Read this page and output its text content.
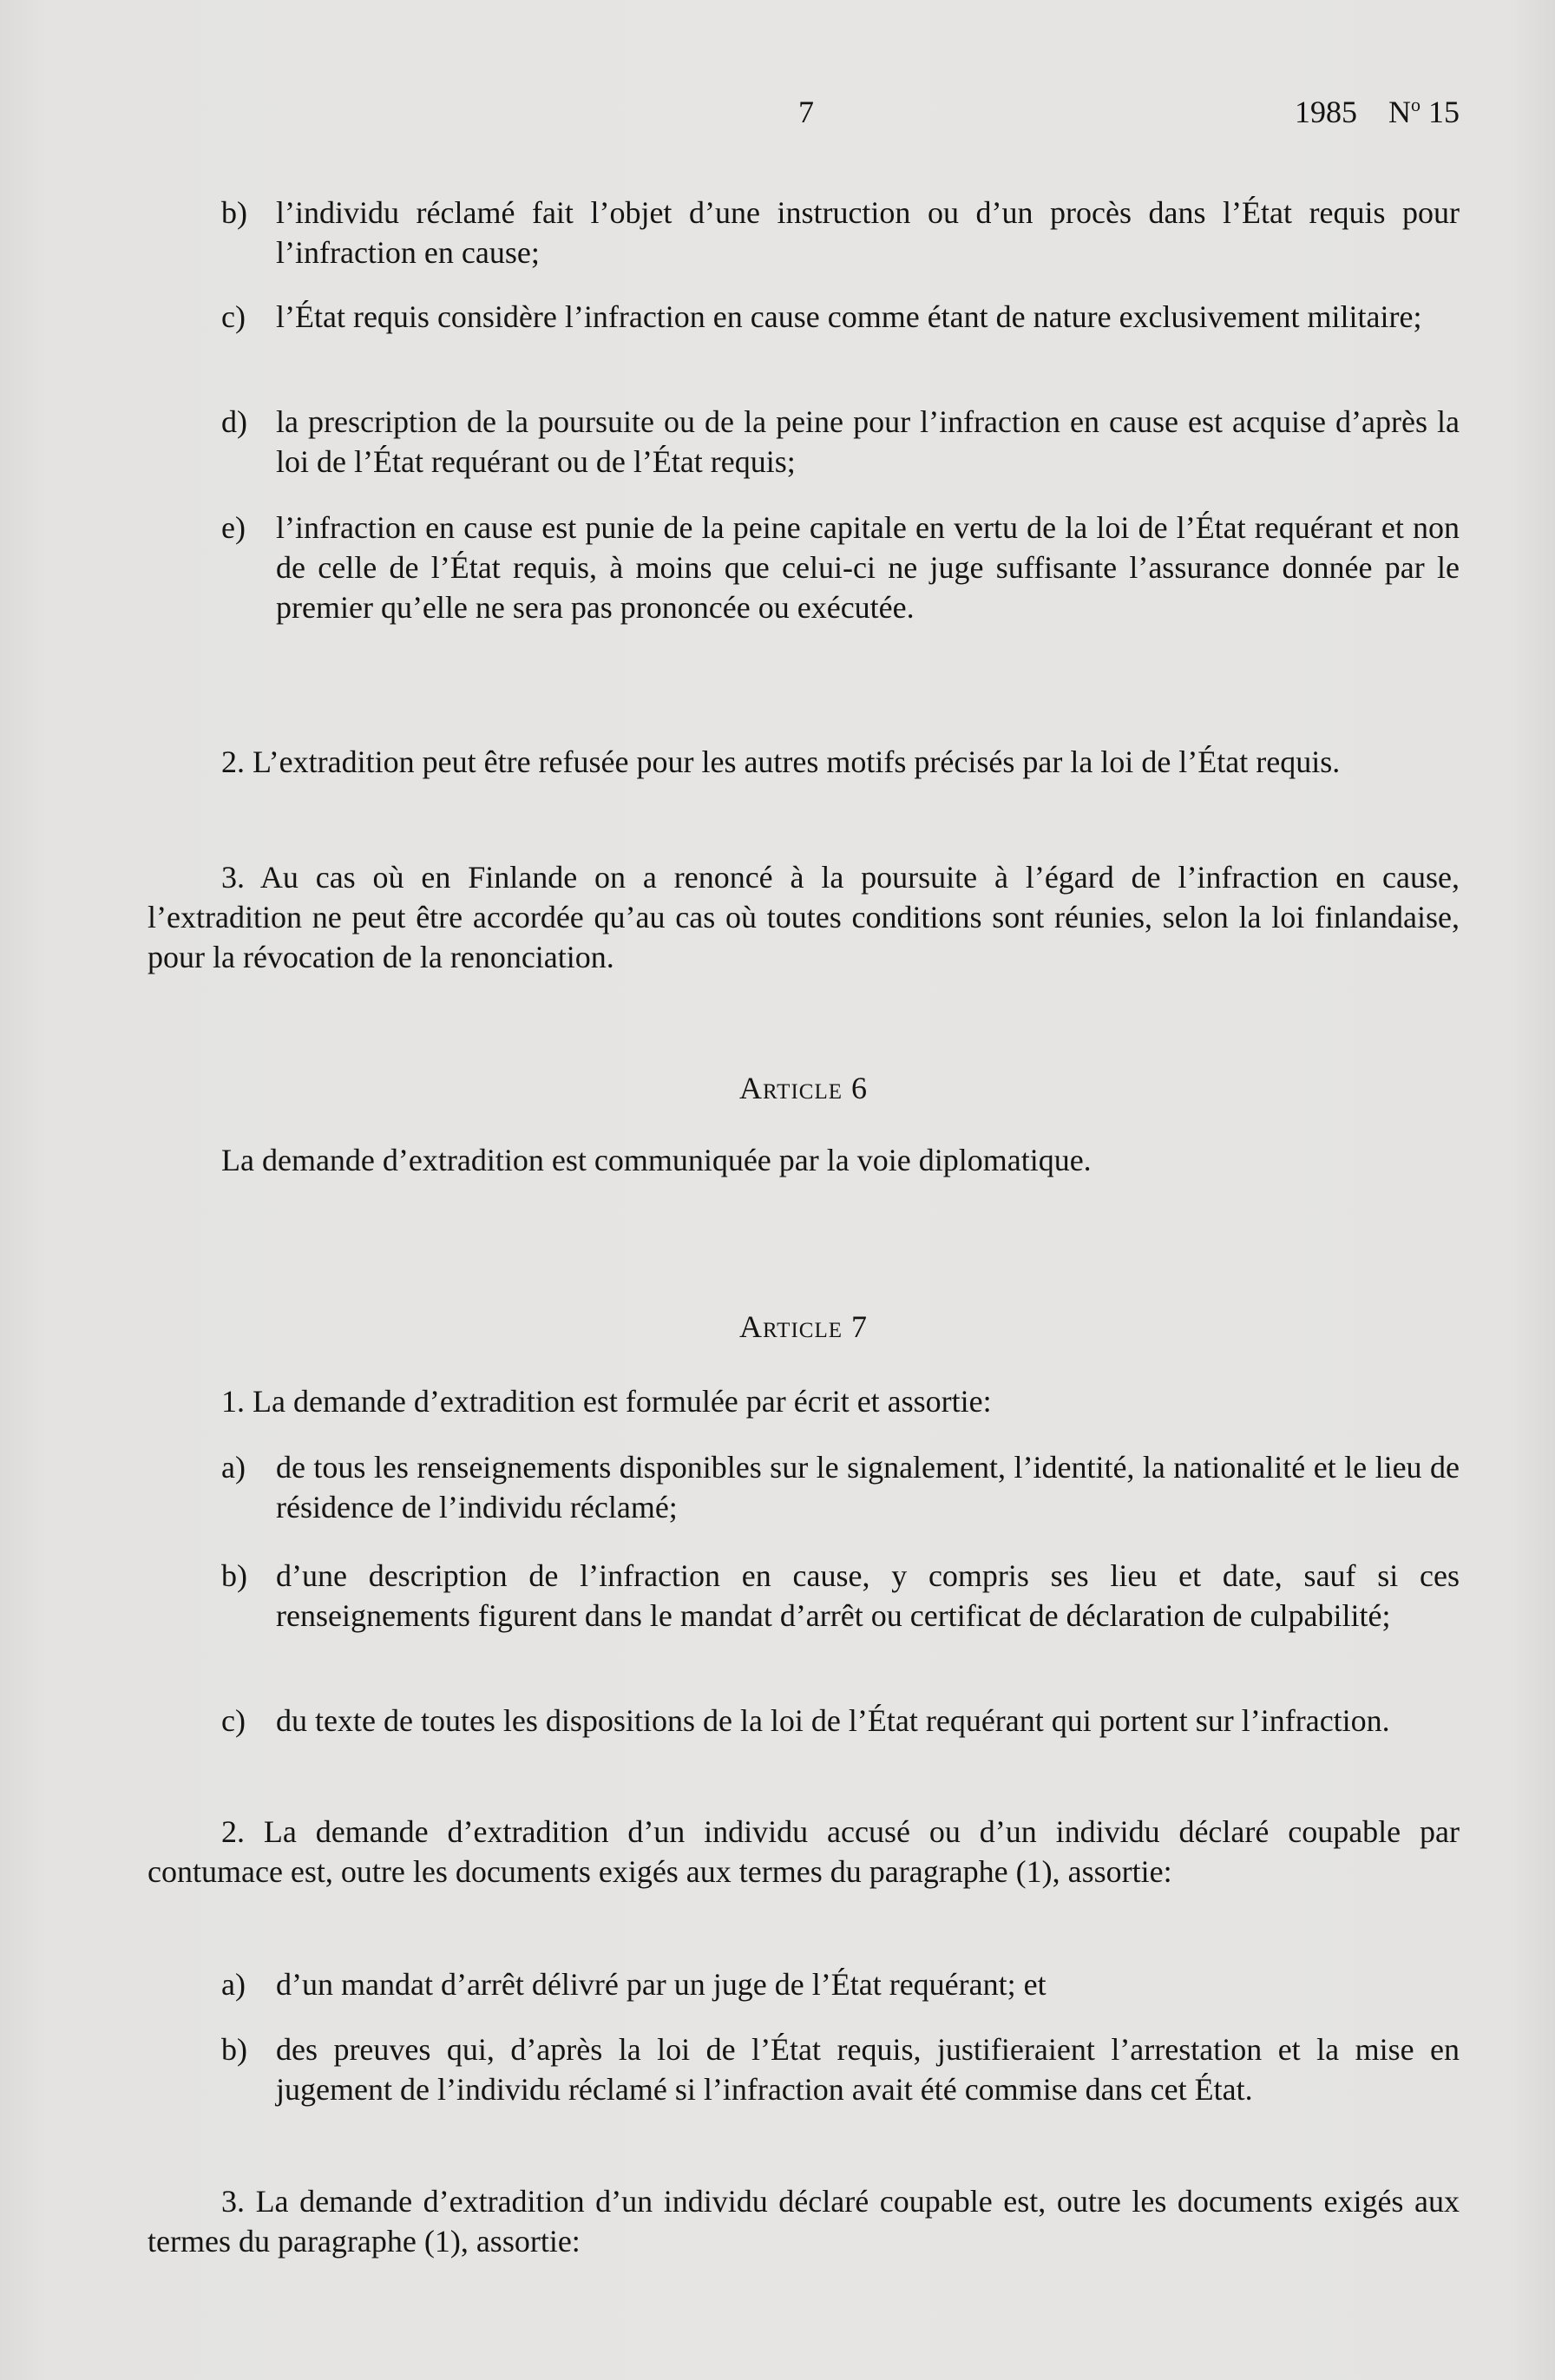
7	1985 $N^o$ 15
b) l’individu réclamé fait l’objet d’une instruction ou d’un procès dans l’État requis pour l’infraction en cause;
c) l’État requis considère l’infraction en cause comme étant de nature exclusivement militaire;
d) la prescription de la poursuite ou de la peine pour l’infraction en cause est acquise d’après la loi de l’État requérant ou de l’État requis;
e) l’infraction en cause est punie de la peine capitale en vertu de la loi de l’État requérant et non de celle de l’État requis, à moins que celui-ci ne juge suffisante l’assurance donnée par le premier qu’elle ne sera pas prononcée ou exécutée.
2. L’extradition peut être refusée pour les autres motifs précisés par la loi de l’État requis.
3. Au cas où en Finlande on a renoncé à la poursuite à l’égard de l’infraction en cause, l’extradition ne peut être accordée qu’au cas où toutes conditions sont réunies, selon la loi finlandaise, pour la révocation de la renonciation.
Article 6
La demande d’extradition est communiquée par la voie diplomatique.
Article 7
1. La demande d’extradition est formulée par écrit et assortie:
a) de tous les renseignements disponibles sur le signalement, l’identité, la nationalité et le lieu de résidence de l’individu réclamé;
b) d’une description de l’infraction en cause, y compris ses lieu et date, sauf si ces renseignements figurent dans le mandat d’arrêt ou certificat de déclaration de culpabilité;
c) du texte de toutes les dispositions de la loi de l’État requérant qui portent sur l’infraction.
2. La demande d’extradition d’un individu accusé ou d’un individu déclaré coupable par contumace est, outre les documents exigés aux termes du paragraphe (1), assortie:
a) d’un mandat d’arrêt délivré par un juge de l’État requérant; et
b) des preuves qui, d’après la loi de l’État requis, justifieraient l’arrestation et la mise en jugement de l’individu réclamé si l’infraction avait été commise dans cet État.
3. La demande d’extradition d’un individu déclaré coupable est, outre les documents exigés aux termes du paragraphe (1), assortie:
